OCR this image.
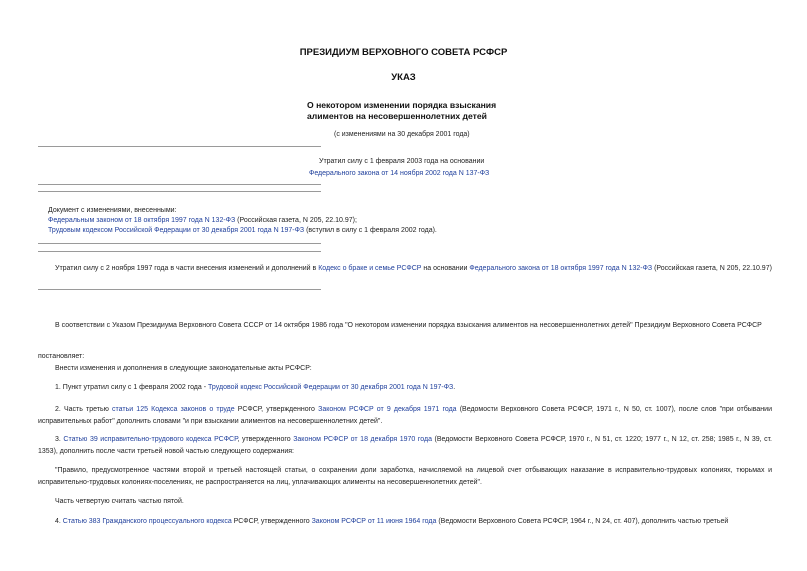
ПРЕЗИДИУМ ВЕРХОВНОГО СОВЕТА РСФСР
УКАЗ
О некотором изменении порядка взыскания
алиментов на несовершеннолетних детей
(с изменениями на 30 декабря 2001 года)
Утратил силу с 1 февраля 2003 года на основании
Федерального закона от 14 ноября 2002 года N 137-ФЗ
Документ с изменениями, внесенными:
Федеральным законом от 18 октября 1997 года N 132-ФЗ (Российская газета, N 205, 22.10.97);
Трудовым кодексом Российской Федерации от 30 декабря 2001 года N 197-ФЗ (вступил в силу с 1 февраля 2002 года).
Утратил силу с 2 ноября 1997 года в части внесения изменений и дополнений в Кодекс о браке и семье РСФСР на основании Федерального закона от 18 октября 1997 года N 132-ФЗ (Российская газета, N 205, 22.10.97)
В соответствии с Указом Президиума Верховного Совета СССР от 14 октября 1986 года "О некотором изменении порядка взыскания алиментов на несовершеннолетних детей" Президиум Верховного Совета РСФСР
постановляет:
Внести изменения и дополнения в следующие законодательные акты РСФСР:
1. Пункт утратил силу с 1 февраля 2002 года - Трудовой кодекс Российской Федерации от 30 декабря 2001 года N 197-ФЗ.
2. Часть третью статьи 125 Кодекса законов о труде РСФСР, утвержденного Законом РСФСР от 9 декабря 1971 года (Ведомости Верховного Совета РСФСР, 1971 г., N 50, ст. 1007), после слов "при отбывании исправительных работ" дополнить словами "и при взыскании алиментов на несовершеннолетних детей".
3. Статью 39 исправительно-трудового кодекса РСФСР, утвержденного Законом РСФСР от 18 декабря 1970 года (Ведомости Верховного Совета РСФСР, 1970 г., N 51, ст. 1220; 1977 г., N 12, ст. 258; 1985 г., N 39, ст. 1353), дополнить после части третьей новой частью следующего содержания:
"Правило, предусмотренное частями второй и третьей настоящей статьи, о сохранении доли заработка, начисляемой на лицевой счет отбывающих наказание в исправительно-трудовых колониях, тюрьмах и исправительно-трудовых колониях-поселениях, не распространяется на лиц, уплачивающих алименты на несовершеннолетних детей".
Часть четвертую считать частью пятой.
4. Статью 383 Гражданского процессуального кодекса РСФСР, утвержденного Законом РСФСР от 11 июня 1964 года (Ведомости Верховного Совета РСФСР, 1964 г., N 24, ст. 407), дополнить частью третьей
